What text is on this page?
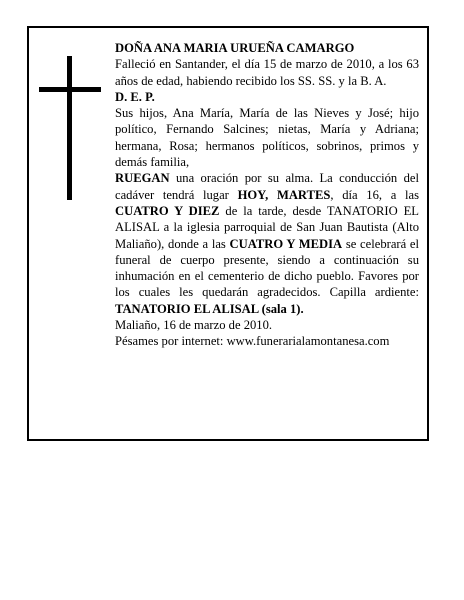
DOÑA ANA MARIA URUEÑA CAMARGO

Falleció en Santander, el día 15 de marzo de 2010, a los 63 años de edad, habiendo recibido los SS. SS. y la B. A.

D. E. P.

Sus hijos, Ana María, María de las Nieves y José; hijo político, Fernando Salcines; nietas, María y Adriana; hermana, Rosa; hermanos políticos, sobrinos, primos y demás familia,

RUEGAN una oración por su alma. La conducción del cadáver tendrá lugar HOY, MARTES, día 16, a las CUATRO Y DIEZ de la tarde, desde TANATORIO EL ALISAL a la iglesia parroquial de San Juan Bautista (Alto Maliaño), donde a las CUATRO Y MEDIA se celebrará el funeral de cuerpo presente, siendo a continuación su inhumación en el cementerio de dicho pueblo. Favores por los cuales les quedarán agradecidos. Capilla ardiente: TANATORIO EL ALISAL (sala 1).

Maliaño, 16 de marzo de 2010.

Pésames por internet: www.funerarialamontanesa.com
